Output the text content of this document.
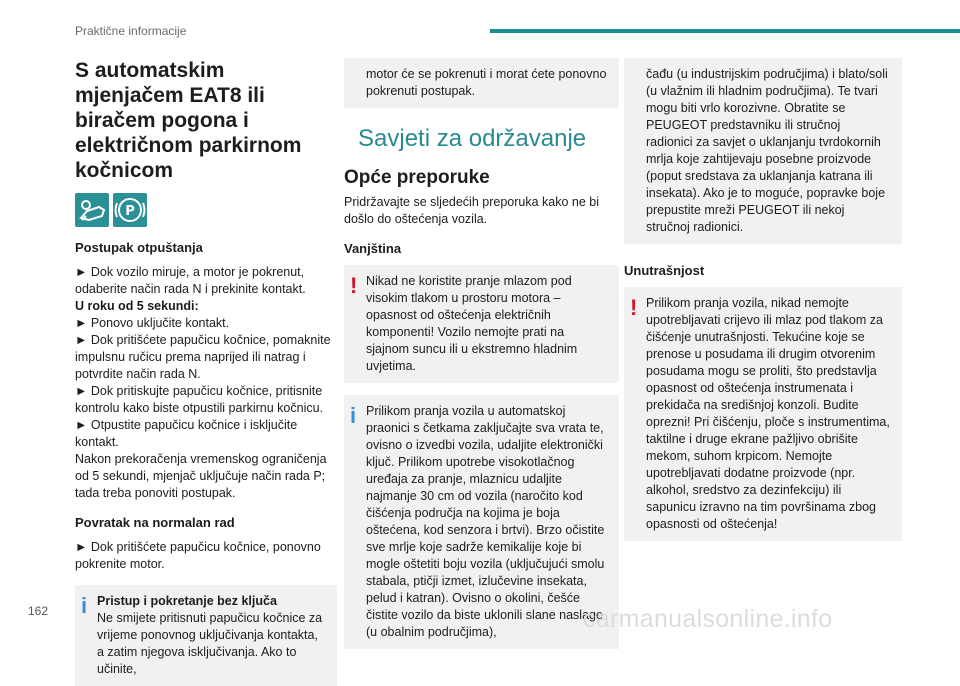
Praktične informacije
S automatskim mjenjačem EAT8 ili biračem pogona i električnom parkirnom kočnicom
P
Postupak otpuštanja

► Dok vozilo miruje, a motor je pokrenut, odaberite način rada N i prekinite kontakt.

U roku od 5 sekundi:

► Ponovo uključite kontakt.

► Dok pritišćete papučicu kočnice, pomaknite impulsnu ručicu prema naprijed ili natrag i potvrdite način rada N.

► Dok pritiskujte papučicu kočnice, pritisnite kontrolu kako biste otpustili parkirnu kočnicu.

► Otpustite papučicu kočnice i isključite kontakt.

Nakon prekoračenja vremenskog ograničenja od 5 sekundi, mjenjač uključuje način rada P; tada treba ponoviti postupak.

Povratak na normalan rad

► Dok pritišćete papučicu kočnice, ponovno pokrenite motor.

i Pristup i pokretanje bez ključa

Ne smijete pritisnuti papučicu kočnice za vrijeme ponovnog uključivanja kontakta, a zatim njegova isključivanja. Ako to učinite,

motor će se pokrenuti i morat ćete ponovno pokrenuti postupak.

Savjeti za održavanje
Opće preporuke

Pridržavajte se sljedećih preporuka kako ne bi došlo do oštećenja vozila.

Vanjština
! Nikad ne koristite pranje mlazom pod visokim tlakom u prostoru motora – opasnost od oštećenja električnih komponenti! Vozilo nemojte prati na sjajnom suncu ili u ekstremno hladnim uvjetima.

i Prilikom pranja vozila u automatskoj praonici s četkama zaključajte sva vrata te, ovisno o izvedbi vozila, udaljite elektronički ključ. Prilikom upotrebe visokotlačnog uređaja za pranje, mlaznicu udaljite najmanje 30 cm od vozila (naročito kod čišćenja područja na kojima je boja oštećena, kod senzora i brtvi). Brzo očistite sve mrlje koje sadrže kemikalije koje bi mogle oštetiti boju vozila (uključujući smolu stabala, ptičji izmet, izlučevine insekata, pelud i katran). Ovisno o okolini, češće čistite vozilo da biste uklonili slane naslage (u obalnim područjima),

čađu (u industrijskim područjima) i blato/soli (u vlažnim ili hladnim područjima). Te tvari mogu biti vrlo korozivne. Obratite se PEUGEOT predstavniku ili stručnoj radionici za savjet o uklanjanju tvrdokornih mrlja koje zahtijevaju posebne proizvode (poput sredstava za uklanjanja katrana ili insekata). Ako je to moguće, popravke boje prepustite mreži PEUGEOT ili nekoj stručnoj radionici.

Unutrašnjost
! Prilikom pranja vozila, nikad nemojte upotrebljavati crijevo ili mlaz pod tlakom za čišćenje unutrašnjosti. Tekućine koje se prenose u posudama ili drugim otvorenim posudama mogu se proliti, što predstavlja opasnost od oštećenja instrumenata i prekidača na središnjoj konzoli. Budite oprezni! Pri čišćenju, ploče s instrumentima, taktilne i druge ekrane pažljivo obrišite mekom, suhom krpicom. Nemojte upotrebljavati dodatne proizvode (npr. alkohol, sredstvo za dezinfekciju) ili sapunicu izravno na tim površinama zbog opasnosti od oštećenja!

162	carmanualsonline.info
